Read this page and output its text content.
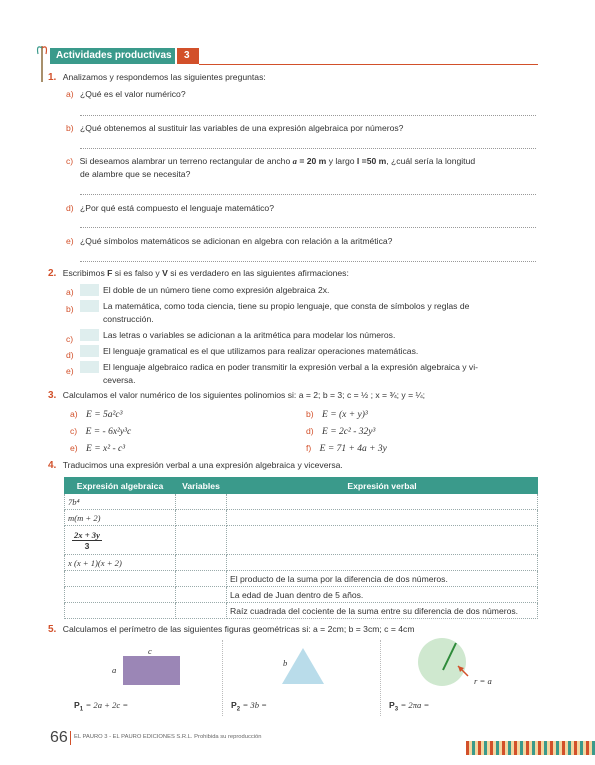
Actividades productivas 3
1. Analizamos y respondemos las siguientes preguntas:
a) ¿Qué es el valor numérico?
b) ¿Qué obtenemos al sustituir las variables de una expresión algebraica por números?
c) Si deseamos alambrar un terreno rectangular de ancho a = 20 m y largo l =50 m, ¿cuál sería la longitud
de alambre que se necesita?
d) ¿Por qué está compuesto el lenguaje matemático?
e) ¿Qué símbolos matemáticos se adicionan en algebra con relación a la aritmética?
2. Escribimos F si es falso y V si es verdadero en las siguientes afirmaciones:
a)	El doble de un número tiene como expresión algebraica 2x.
b)	La matemática, como toda ciencia, tiene su propio lenguaje, que consta de símbolos y reglas de
construcción.
c)	Las letras o variables se adicionan a la aritmética para modelar los números.
d)	El lenguaje gramatical es el que utilizamos para realizar operaciones matemáticas.
e)	El lenguaje algebraico radica en poder transmitir la expresión verbal a la expresión algebraica y vi-
ceversa.
3. Calculamos el valor numérico de los siguientes polinomios si: a = 2; b = 3; c = ½ ; x = ¾; y = ¼;
a) E = 5a²c³	b) E = (x + y)³
c) E = - 6x²y³c	d) E = 2c² - 32y³
e) E = x² - c³	f) E = 71 + 4a + 3y
4. Traducimos una expresión verbal a una expresión algebraica y viceversa.
Expresión algebraica	Variables	Expresión verbal
7b⁴		
m(m + 2)		

$\frac{2x + 3y}{3}$

x (x + 1)(x + 2)		
		El producto de la suma por la diferencia de dos números.
		La edad de Juan dentro de 5 años.
		Raíz cuadrada del cociente de la suma entre su diferencia de dos números.
5. Calculamos el perímetro de las siguientes figuras geométricas si: a = 2cm; b = 3cm; c = 4cm
c
a
b
r = a
$P_1 = 2a + 2c$ =	$P_2 = 3b$ =	$P_3 = 2\pi a$ =
66 EL PAURO 3 - EL PAURO EDICIONES S.R.L. Prohibida su reproducción
